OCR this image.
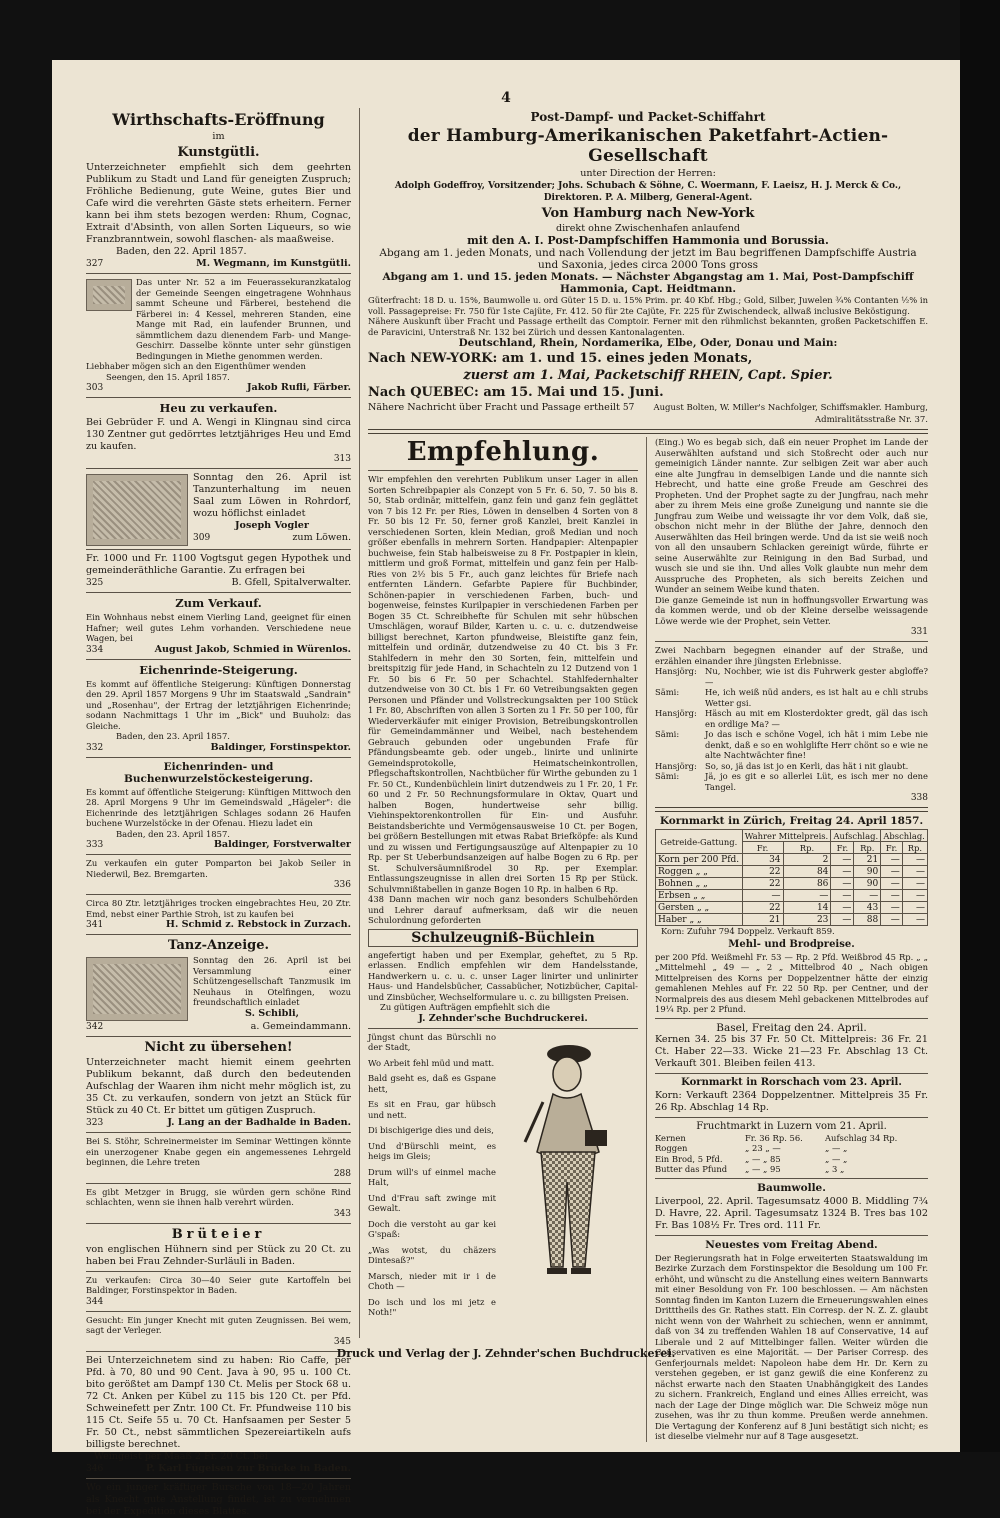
4
Wirthschafts-Eröffnung
im
Kunstgütli.

Unterzeichneter empfiehlt sich dem geehrten Publikum zu Stadt und Land für geneigten Zuspruch; Fröhliche Bedienung, gute Weine, gutes Bier und Cafe wird die verehrten Gäste stets erheitern. Ferner kann bei ihm stets bezogen werden: Rhum, Cognac, Extrait d'Absinth, von allen Sorten Liqueurs, so wie Franzbranntwein, sowohl flaschen- als maaßweise.

Baden, den 22. April 1857.

327	M. Wegmann, im Kunstgütli.

Das unter Nr. 52 a im Feuerassekuranzkatalog der Gemeinde Seengen eingetragene Wohnhaus sammt Scheune und Färberei, bestehend die Färberei in: 4 Kessel, mehreren Standen, eine Mange mit Rad, ein laufender Brunnen, und sämmtlichem dazu dienendem Farb- und Mange-Geschirr. Dasselbe könnte unter sehr günstigen Bedingungen in Miethe genommen werden.

Liebhaber mögen sich an den Eigenthümer wenden

Seengen, den 15. April 1857.

303	Jakob Rufli, Färber.
Heu zu verkaufen.

Bei Gebrüder F. und A. Wengi in Klingnau sind circa 130 Zentner gut gedörrtes letztjähriges Heu und Emd zu kaufen.

313

Sonntag den 26. April ist Tanzunterhaltung im neuen Saal zum Löwen in Rohrdorf, wozu höflichst einladet

Joseph Vogler
309	zum Löwen.

Fr. 1000 und Fr. 1100 Vogtsgut gegen Hypothek und gemeinderäthliche Garantie. Zu erfragen bei

325	B. Gfell, Spitalverwalter.
Zum Verkauf.

Ein Wohnhaus nebst einem Vierling Land, geeignet für einen Hafner; weil gutes Lehm vorhanden. Verschiedene neue Wagen, bei

334	August Jakob, Schmied in Würenlos.
Eichenrinde-Steigerung.

Es kommt auf öffentliche Steigerung: Künftigen Donnerstag den 29. April 1857 Morgens 9 Uhr im Staatswald „Sandrain" und „Rosenhau", der Ertrag der letztjährigen Eichenrinde; sodann Nachmittags 1 Uhr im „Bick" und Buuholz: das Gleiche.

Baden, den 23. April 1857.

332	Baldinger, Forstinspektor.
Eichenrinden- und Buchenwurzelstöckesteigerung.

Es kommt auf öffentliche Steigerung: Künftigen Mittwoch den 28. April Morgens 9 Uhr im Gemeindswald „Hägeler": die Eichenrinde des letztjährigen Schlages sodann 26 Haufen buchene Wurzelstöcke in der Ofenau. Hiezu ladet ein

Baden, den 23. April 1857.

333	Baldinger, Forstverwalter

Zu verkaufen ein guter Pomparton bei Jakob Seiler in Niederwil, Bez. Bremgarten.

336

Circa 80 Ztr. letztjähriges trocken eingebrachtes Heu, 20 Ztr. Emd, nebst einer Parthie Stroh, ist zu kaufen bei

341	H. Schmid z. Rebstock in Zurzach.
Tanz-Anzeige.

Sonntag den 26. April ist bei Versammlung einer Schützengesellschaft Tanzmusik im Neuhaus in Otelfingen, wozu freundschaftlich einladet

S. Schibli,
342	a. Gemeindammann.
Nicht zu übersehen!

Unterzeichneter macht hiemit einem geehrten Publikum bekannt, daß durch den bedeutenden Aufschlag der Waaren ihm nicht mehr möglich ist, zu 35 Ct. zu verkaufen, sondern von jetzt an Stück für Stück zu 40 Ct. Er bittet um gütigen Zuspruch.

323	J. Lang an der Badhalde in Baden.

Bei S. Stöhr, Schreinermeister im Seminar Wettingen könnte ein unerzogener Knabe gegen ein angemessenes Lehrgeld beginnen, die Lehre treten

288

Es gibt Metzger in Brugg, sie würden gern schöne Rind schlachten, wenn sie ihnen halb verehrt würden.

343
Brüteier

von englischen Hühnern sind per Stück zu 20 Ct. zu haben bei Frau Zehnder-Surläuli in Baden.

Zu verkaufen: Circa 30—40 Seier gute Kartoffeln bei Baldinger, Forstinspektor in Baden.

344

Gesucht: Ein junger Knecht mit guten Zeugnissen. Bei wem, sagt der Verleger.

345

Bei Unterzeichnetem sind zu haben: Rio Caffe, per Pfd. à 70, 80 und 90 Cent. Java à 90, 95 u. 100 Ct. bito gerößtet am Dampf 130 Ct. Melis per Stock 68 u. 72 Ct. Anken per Kübel zu 115 bis 120 Ct. per Pfd. Schweinefett per Zntr. 100 Ct. Fr. Pfundweise 110 bis 115 Ct. Seife 55 u. 70 Ct. Hanfsaamen per Sester 5 Fr. 50 Ct., nebst sämmtlichen Spezereiartikeln aufs billigste berechnet.

Weingeist per Maaß 2 Fr. 20 Ct. bei

346	P. Karl Fügeisen zur Brücke in Baden.

Wo ein junger kräftiger Bursche von 18—20 Jahren als Knecht gute Anstellung findet, ist zu vernehmen bei der Expedition dieses Blattes.

Post-Dampf- und Packet-Schiffahrt
der Hamburg-Amerikanischen Paketfahrt-Actien-Gesellschaft
unter Direction der Herren:
Adolph Godeffroy, Vorsitzender; Johs. Schubach & Söhne, C. Woermann, F. Laeisz, H. J. Merck & Co., Direktoren. P. A. Milberg, General-Agent.
Von Hamburg nach New-York
direkt ohne Zwischenhafen anlaufend
mit den A. I. Post-Dampfschiffen Hammonia und Borussia.
Abgang am 1. jeden Monats, und nach Vollendung der jetzt im Bau begriffenen Dampfschiffe Austria und Saxonia, jedes circa 2000 Tons gross
Abgang am 1. und 15. jeden Monats. — Nächster Abgangstag am 1. Mai, Post-Dampfschiff Hammonia, Capt. Heidtmann.

Güterfracht: 18 D. u. 15%, Baumwolle u. ord Güter 15 D. u. 15% Prim. pr. 40 Kbf. Hbg.; Gold, Silber, Juwelen ¾% Contanten ½% in voll. Passagepreise: Fr. 750 für 1ste Cajüte, Fr. 412. 50 für 2te Cajüte, Fr. 225 für Zwischendeck, allwaß inclusive Beköstigung.

Nähere Auskunft über Fracht und Passage ertheilt das Comptoir. Ferner mit den rühmlichst bekannten, großen Packetschiffen E. de Paravicini, Unterstraß Nr. 132 bei Zürich und dessen Kantonalagenten.

Deutschland, Rhein, Nordamerika, Elbe, Oder, Donau und Main:
Nach NEW-YORK: am 1. und 15. eines jeden Monats,
zuerst am 1. Mai, Packetschiff RHEIN, Capt. Spier.
Nach QUEBEC: am 15. Mai und 15. Juni.
Nähere Nachricht über Fracht und Passage ertheilt 57	August Bolten, W. Miller's Nachfolger, Schiffsmakler. Hamburg, Admiralitätsstraße Nr. 37.
Empfehlung.

Wir empfehlen den verehrten Publikum unser Lager in allen Sorten Schreibpapier als Conzept von 5 Fr. 6. 50, 7. 50 bis 8. 50, Stab ordinär, mittelfein, ganz fein und ganz fein geglättet von 7 bis 12 Fr. per Ries, Löwen in denselben 4 Sorten von 8 Fr. 50 bis 12 Fr. 50, ferner groß Kanzlei, breit Kanzlei in verschiedenen Sorten, klein Median, groß Median und noch größer ebenfalls in mehrern Sorten. Handpapier: Altenpapier buchweise, fein Stab halbeisweise zu 8 Fr. Postpapier in klein, mittlerm und groß Format, mittelfein und ganz fein per Halb-Ries von 2½ bis 5 Fr., auch ganz leichtes für Briefe nach entfernten Ländern. Gefarbte Papiere für Buchbinder, Schönen-papier in verschiedenen Farben, buch- und bogenweise, feinstes Kurilpapier in verschiedenen Farben per Bogen 35 Ct. Schreibhefte für Schulen mit sehr hübschen Umschlägen, worauf Bilder, Karten u. c. u. c. dutzendweise billigst berechnet, Karton pfundweise, Bleistifte ganz fein, mittelfein und ordinär, dutzendweise zu 40 Ct. bis 3 Fr. Stahlfedern in mehr den 30 Sorten, fein, mittelfein und breitspitzig für jede Hand, in Schachteln zu 12 Dutzend von 1 Fr. 50 bis 6 Fr. 50 per Schachtel. Stahlfedernhalter dutzendweise von 30 Ct. bis 1 Fr. 60 Vetreibungsakten gegen Personen und Pfänder und Vollstreckungsakten per 100 Stück 1 Fr. 80, Abschriften von allen 3 Sorten zu 1 Fr. 50 per 100, für Wiederverkäufer mit einiger Provision, Betreibungskontrollen für Gemeindammänner und Weibel, nach bestehendem Gebrauch gebunden oder ungebunden Frafe für Pfändungsbeamte geb. oder ungeb., linirte und unlinirte Gemeindsprotokolle, Heimatscheinkontrollen, Pflegschaftskontrollen, Nachtbücher für Wirthe gebunden zu 1 Fr. 50 Ct., Kundenbüchlein linirt dutzendweis zu 1 Fr. 20, 1 Fr. 60 und 2 Fr. 50 Rechnungsformulare in Oktav, Quart und halben Bogen, hundertweise sehr billig. Viehinspektorenkontrollen für Ein- und Ausfuhr. Beistandsberichte und Vermögensausweise 10 Ct. per Bogen, bei größern Bestellungen mit etwas Rabat Briefköpfe: als Kund und zu wissen und Fertigungsauszüge auf Altenpapier zu 10 Rp. per St Ueberbundsanzeigen auf halbe Bogen zu 6 Rp. per St. Schulversäumnißrodel 30 Rp. per Exemplar. Entlassungszeugnisse in allen drei Sorten 15 Rp per Stück. Schulvmnißtabellen in ganze Bogen 10 Rp. in halben 6 Rp.

438 Dann machen wir noch ganz besonders Schulbehörden und Lehrer darauf aufmerksam, daß wir die neuen Schulordnung geforderten

Schulzeugniß-Büchlein

angefertigt haben und per Exemplar, geheftet, zu 5 Rp. erlassen. Endlich empfehlen wir dem Handelsstande, Handwerkern u. c. u. c. unser Lager linirter und unlinirter Haus- und Handelsbücher, Cassabücher, Notizbücher, Capital- und Zinsbücher, Wechselformulare u. c. zu billigsten Preisen.

Zu gütigen Aufträgen empfiehlt sich die

J. Zehnder'sche Buchdruckerei.

Jüngst chunt das Bürschli no der Stadt,

Wo Arbeit fehl müd und matt.

Bald gseht es, daß es Gspane hett,

Es sit en Frau, gar hübsch und nett.

Di bischigerige dies und deis,

Und d'Bürschli meint, es heigs im Gleis;

Drum will's uf einmel mache Halt,

Und d'Frau saft zwinge mit Gewalt.

Doch die verstoht au gar kei G'spaß:

„Was wotst, du chäzers Dintesaß?"

Marsch, nieder mit ir i de Choth —

Do isch und los mi jetz e Noth!"

(Eing.) Wo es begab sich, daß ein neuer Prophet im Lande der Auserwählten aufstand und sich Stoßrecht oder auch nur gemeinigich Länder nannte. Zur selbigen Zeit war aber auch eine alte Jungfrau in demselbigen Lande und die nannte sich Hebrecht, und hatte eine große Freude am Geschrei des Propheten. Und der Prophet sagte zu der Jungfrau, nach mehr aber zu ihrem Meis eine große Zuneigung und nannte sie die Jungfrau zum Weibe und weissagte ihr vor dem Volk, daß sie, obschon nicht mehr in der Blüthe der Jahre, dennoch den Auserwählten das Heil bringen werde. Und da ist sie weiß noch von all den unsaubern Schlacken gereinigt würde, führte er seine Auserwählte zur Reinigung in den Bad Surbad, und wusch sie und sie ihn. Und alles Volk glaubte nun mehr dem Ausspruche des Propheten, als sich bereits Zeichen und Wunder an seinem Weibe kund thaten.

Die ganze Gemeinde ist nun in hoffnungsvoller Erwartung was da kommen werde, und ob der Kleine derselbe weissagende Löwe werde wie der Prophet, sein Vetter.

331

Zwei Nachbarn begegnen einander auf der Straße, und erzählen einander ihre jüngsten Erlebnisse.

Hansjörg: Nu, Nochber, wie ist dis Fuhrwerk gester abgloffe? —
Sämi:	He, ich weiß nüd anders, es ist halt au e chli strubs Wetter gsi.
Hansjörg: Häsch au mit em Klosterdokter gredt, gäl das isch en ordlige Ma? —
Sämi:	Jo das isch e schöne Vogel, ich hät i mim Lebe nie denkt, daß e so en wohlglifte Herr chönt so e wie ne alte Nachtwächter fine!
Hansjörg: So, so, jä das ist jo en Kerli, das hät i nit glaubt.
Sämi:	Jä, jo es git e so allerlei Lüt, es isch mer no dene Tangel.
338
Kornmarkt in Zürich, Freitag 24. April 1857.
Getreide-Gattung.	Wahrer Mittelpreis.		Aufschlag.		Abschlag.	
	Fr.	Rp.	Fr.	Rp.	Fr.	Rp.
Korn per 200 Pfd.	34	2	—	21	—	—
Roggen „ „	22	84	—	90	—	—
Bohnen „ „	22	86	—	90	—	—
Erbsen „ „	—	—	—	—	—	—
Gersten „ „	22	14	—	43	—	—
Haber „ „	21	23	—	88	—	—

Korn: Zufuhr 794 Doppelz. Verkauft 859.

Mehl- und Brodpreise.

per 200 Pfd. Weißmehl Fr. 53 — Rp. 2 Pfd. Weißbrod 45 Rp. „ „ „Mittelmehl „ 49 — „ 2 „ Mittelbrod 40 „ Nach obigen Mittelpreisen des Korns per Doppelzentner hätte der einzig gemahlenen Mehles auf Fr. 22 50 Rp. per Centner, und der Normalpreis des aus diesem Mehl gebackenen Mittelbrodes auf 19¼ Rp. per 2 Pfund.

Basel, Freitag den 24. April.

Kernen 34. 25 bis 37 Fr. 50 Ct. Mittelpreis: 36 Fr. 21 Ct. Haber 22—33. Wicke 21—23 Fr. Abschlag 13 Ct. Verkauft 301. Bleiben feilen 413.

Kornmarkt in Rorschach vom 23. April.

Korn: Verkauft 2364 Doppelzentner. Mittelpreis 35 Fr. 26 Rp. Abschlag 14 Rp.

Fruchtmarkt in Luzern vom 21. April.
Kernen	Fr. 36 Rp. 56.	Aufschlag 34 Rp.
Roggen	„ 23 „ —	„ — „
Ein Brod, 5 Pfd.	„ — „ 85	„ — „
Butter das Pfund	„ — „ 95	„ 3 „
Baumwolle.

Liverpool, 22. April. Tagesumsatz 4000 B. Middling 7¾ D. Havre, 22. April. Tagesumsatz 1324 B. Tres bas 102 Fr. Bas 108½ Fr. Tres ord. 111 Fr.

Neuestes vom Freitag Abend.

Der Regierungsrath hat in Folge erweiterten Staatswaldung im Bezirke Zurzach dem Forstinspektor die Besoldung um 100 Fr. erhöht, und wünscht zu die Anstellung eines weitern Bannwarts mit einer Besoldung von Fr. 100 beschlossen. — Am nächsten Sonntag finden im Kanton Luzern die Erneuerungswahlen eines Dritttheils des Gr. Rathes statt. Ein Corresp. der N. Z. Z. glaubt nicht wenn von der Wahrheit zu schiechen, wenn er annimmt, daß von 34 zu treffenden Wahlen 18 auf Conservative, 14 auf Liberale und 2 auf Mittelbinger fallen. Weiter würden die Conservativen es eine Majorität. — Der Pariser Corresp. des Genferjournals meldet: Napoleon habe dem Hr. Dr. Kern zu verstehen gegeben, er ist ganz gewiß die eine Konferenz zu nächst erwarte nach den Staaten Unabhängigkeit des Landes zu sichern. Frankreich, England und eines Allies erreicht, was nach der Lage der Dinge möglich war. Die Schweiz möge nun zusehen, was ihr zu thun komme. Preußen werde annehmen. Die Vertagung der Konferenz auf 8 Juni bestätigt sich nicht; es ist dieselbe vielmehr nur auf 8 Tage ausgesetzt.

Druck und Verlag der J. Zehnder'schen Buchdruckerei.
